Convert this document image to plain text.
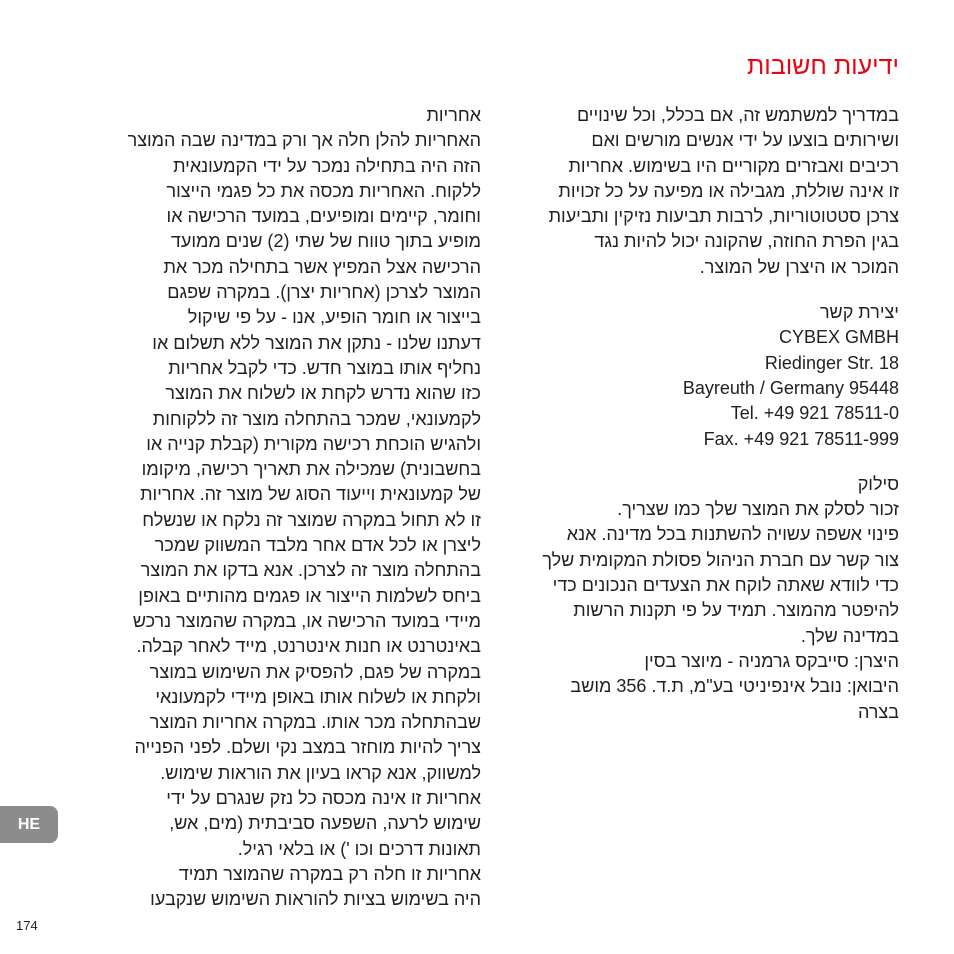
ידיעות חשובות

במדריך למשתמש זה, אם בכלל, וכל שינויים

ושירותים בוצעו על ידי אנשים מורשים ואם

רכיבים ואבזרים מקוריים היו בשימוש. אחריות

זו אינה שוללת, מגבילה או מפיעה על כל זכויות

צרכן סטטוטוריות, לרבות תביעות נזיקין ותביעות

בגין הפרת החוזה, שהקונה יכול להיות נגד

המוכר או היצרן של המוצר.

יצירת קשר

CYBEX GMBH

Riedinger Str. 18

Bayreuth / Germany 95448

Tel. +49 921 78511-0

Fax. +49 921 78511-999

סילוק

זכור לסלק את המוצר שלך כמו שצריך.

פינוי אשפה עשויה להשתנות בכל מדינה. אנא

צור קשר עם חברת הניהול פסולת המקומית שלך

כדי לוודא שאתה לוקח את הצעדים הנכונים כדי

להיפטר מהמוצר. תמיד על פי תקנות הרשות

במדינה שלך.

היצרן: סייבקס גרמניה - מיוצר בסין

היבואן: נובל אינפיניטי בע"מ, ת.ד. 356 מושב

בצרה

אחריות

האחריות להלן חלה אך ורק במדינה שבה המוצר

הזה היה בתחילה נמכר על ידי הקמעונאית

ללקוח. האחריות מכסה את כל פגמי הייצור

וחומר, קיימים ומופיעים, במועד הרכישה או

מופיע בתוך טווח של שתי (2) שנים ממועד

הרכישה אצל המפיץ אשר בתחילה מכר את

המוצר לצרכן (אחריות יצרן). במקרה שפגם

בייצור או חומר הופיע, אנו - על פי שיקול

דעתנו שלנו - נתקן את המוצר ללא תשלום או

נחליף אותו במוצר חדש. כדי לקבל אחריות

כזו שהוא נדרש לקחת או לשלוח את המוצר

לקמעונאי, שמכר בהתחלה מוצר זה ללקוחות

ולהגיש הוכחת רכישה מקורית (קבלת קנייה או

בחשבונית) שמכילה את תאריך רכישה, מיקומו

של קמעונאית וייעוד הסוג של מוצר זה. אחריות

זו לא תחול במקרה שמוצר זה נלקח או שנשלח

ליצרן או לכל אדם אחר מלבד המשווק שמכר

בהתחלה מוצר זה לצרכן. אנא בדקו את המוצר

ביחס לשלמות הייצור או פגמים מהותיים באופן

מיידי במועד הרכישה או, במקרה שהמוצר נרכש

באינטרנט או חנות אינטרנט, מייד לאחר קבלה.

במקרה של פגם, להפסיק את השימוש במוצר

ולקחת או לשלוח אותו באופן מיידי לקמעונאי

שבהתחלה מכר אותו. במקרה אחריות המוצר

צריך להיות מוחזר במצב נקי ושלם. לפני הפנייה

למשווק, אנא קראו בעיון את הוראות שימוש.

אחריות זו אינה מכסה כל נזק שנגרם על ידי

שימוש לרעה, השפעה סביבתית (מים, אש,

תאונות דרכים וכו ') או בלאי רגיל.

אחריות זו חלה רק במקרה שהמוצר תמיד

היה בשימוש בציות להוראות השימוש שנקבעו

HE
174
